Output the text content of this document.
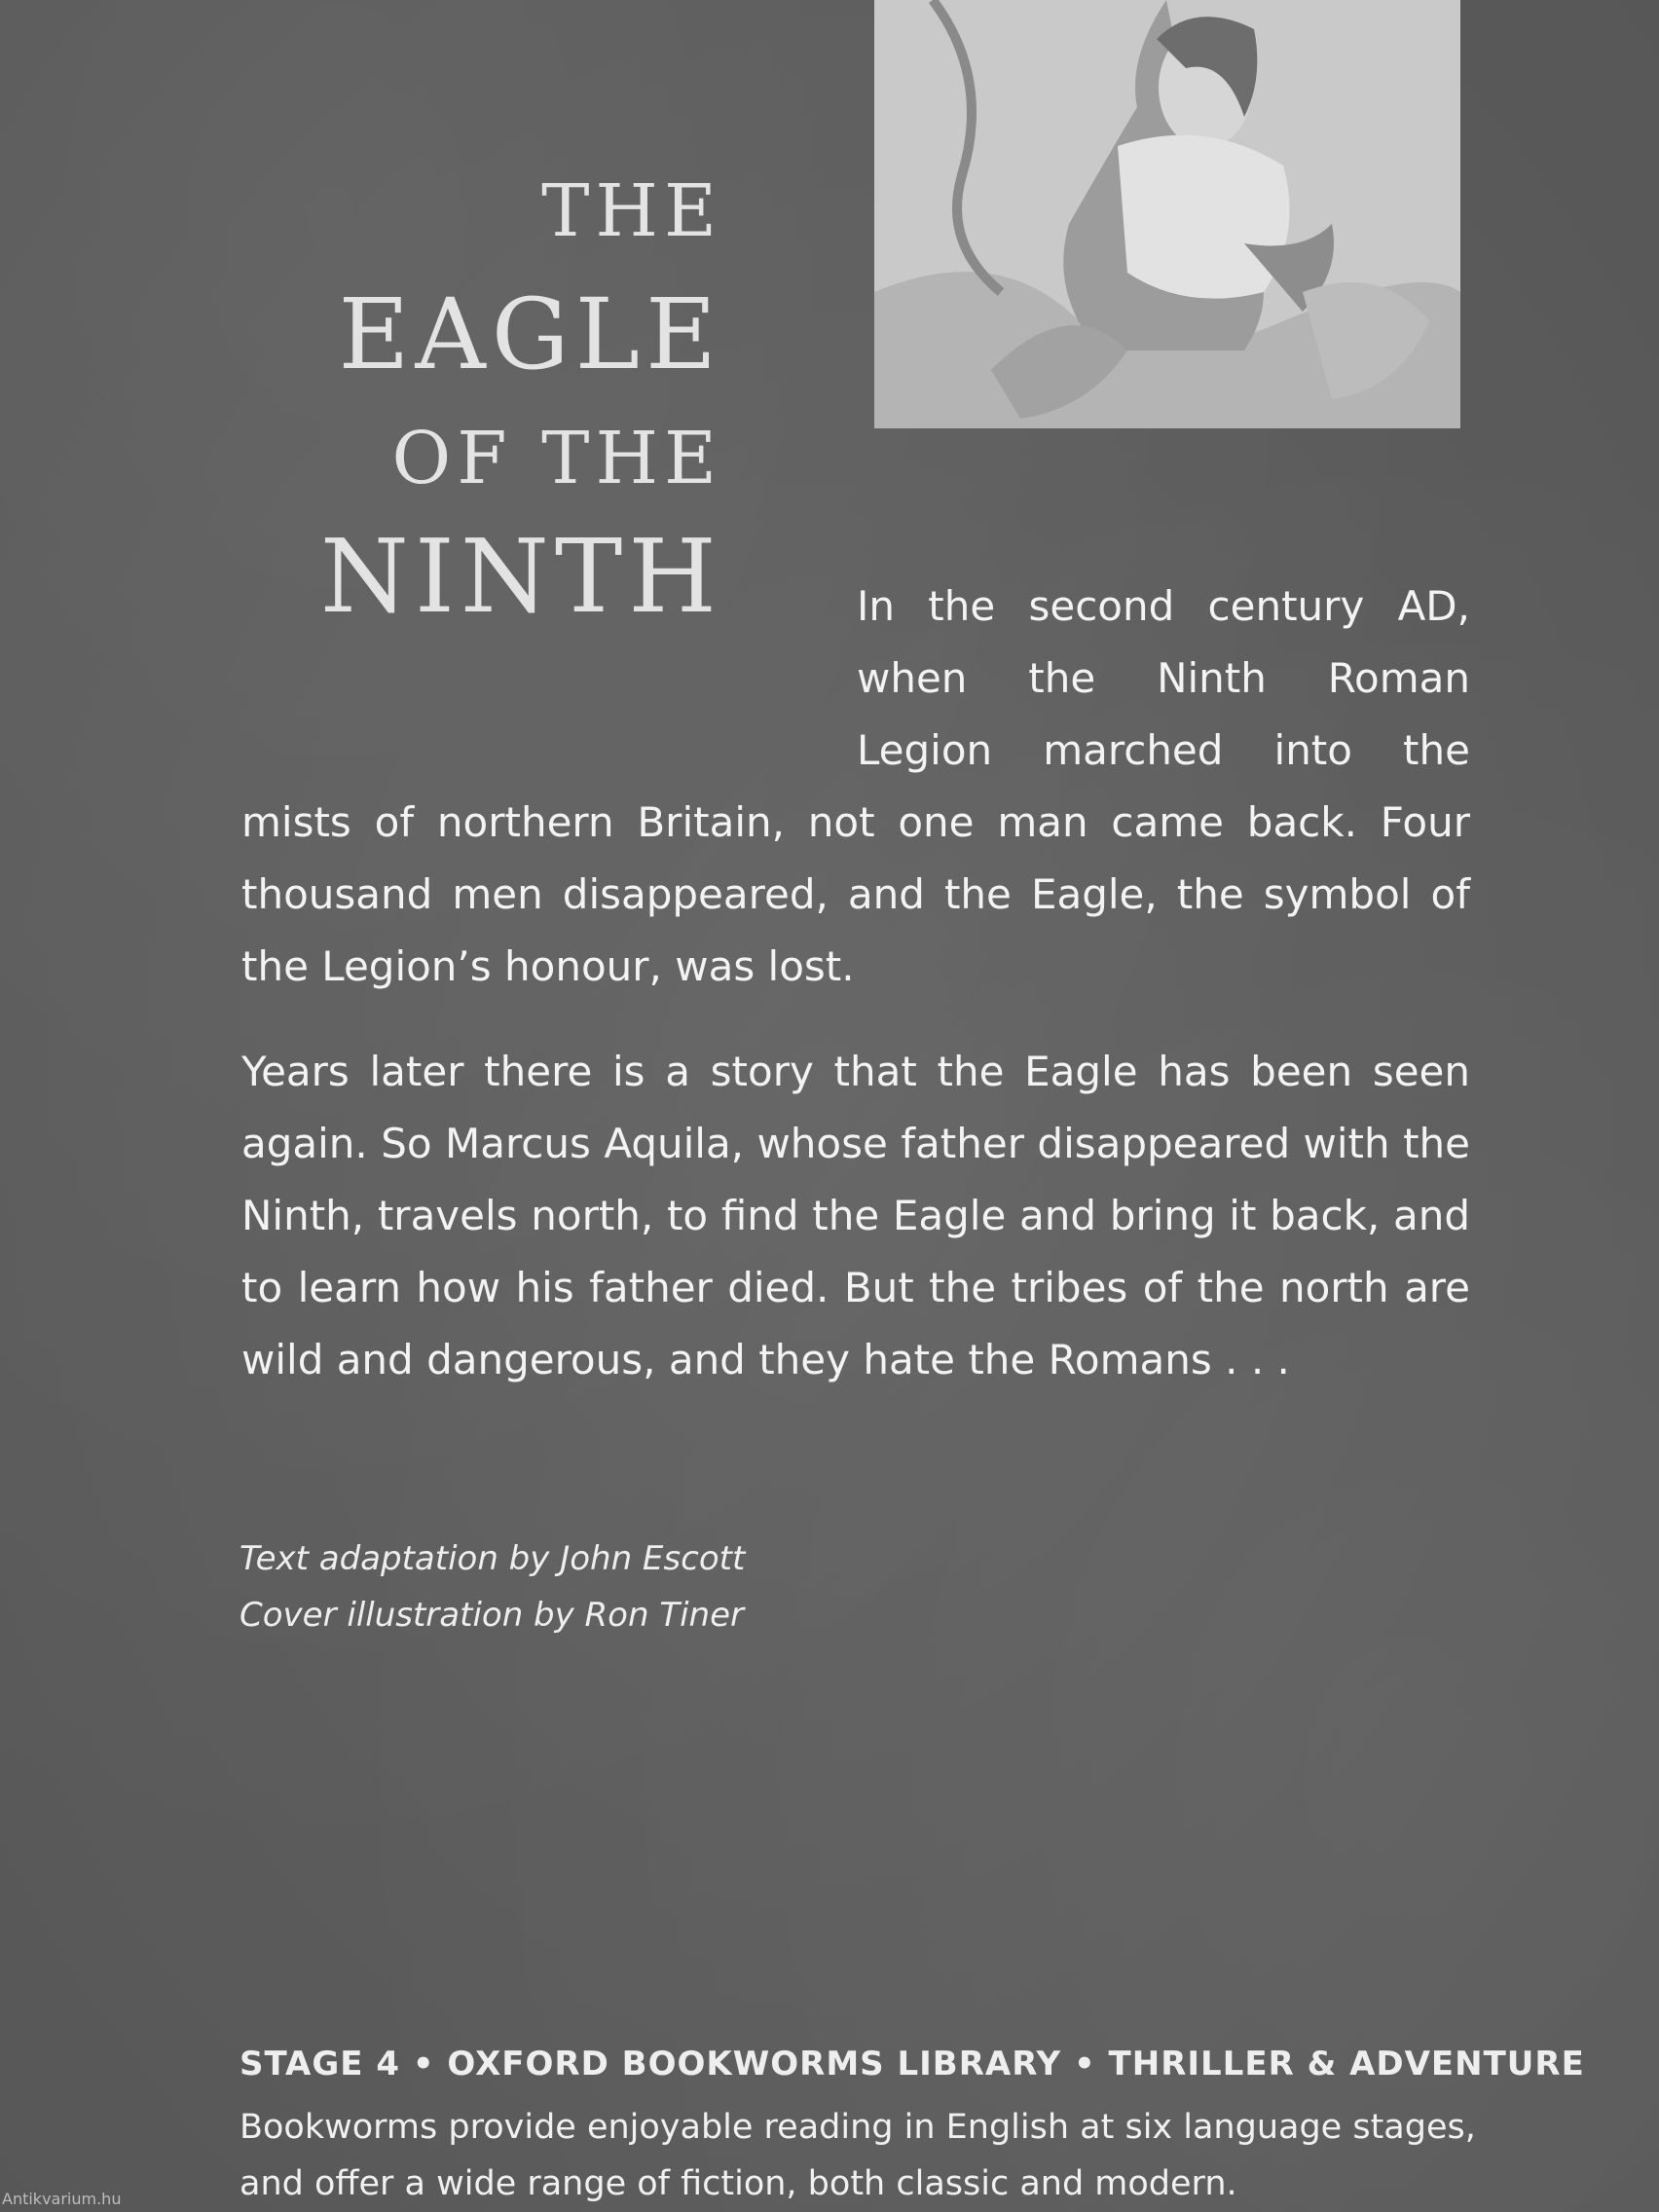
THE
EAGLE
OF THE
NINTH	In the second century AD, when the Ninth Roman Legion marched into the mists of northern Britain, not one man came back. Four thousand men disappeared, and the Eagle, the symbol of the Legion’s honour, was lost.

Years later there is a story that the Eagle has been seen again. So Marcus Aquila, whose father disappeared with the Ninth, travels north, to find the Eagle and bring it back, and to learn how his father died. But the tribes of the north are wild and dangerous, and they hate the Romans . . .

Text adaptation by John Escott
Cover illustration by Ron Tiner

STAGE 4 • OXFORD BOOKWORMS LIBRARY • THRILLER & ADVENTURE

Bookworms provide enjoyable reading in English at six language stages, and offer a wide range of fiction, both classic and modern.

Antikvarium.hu
